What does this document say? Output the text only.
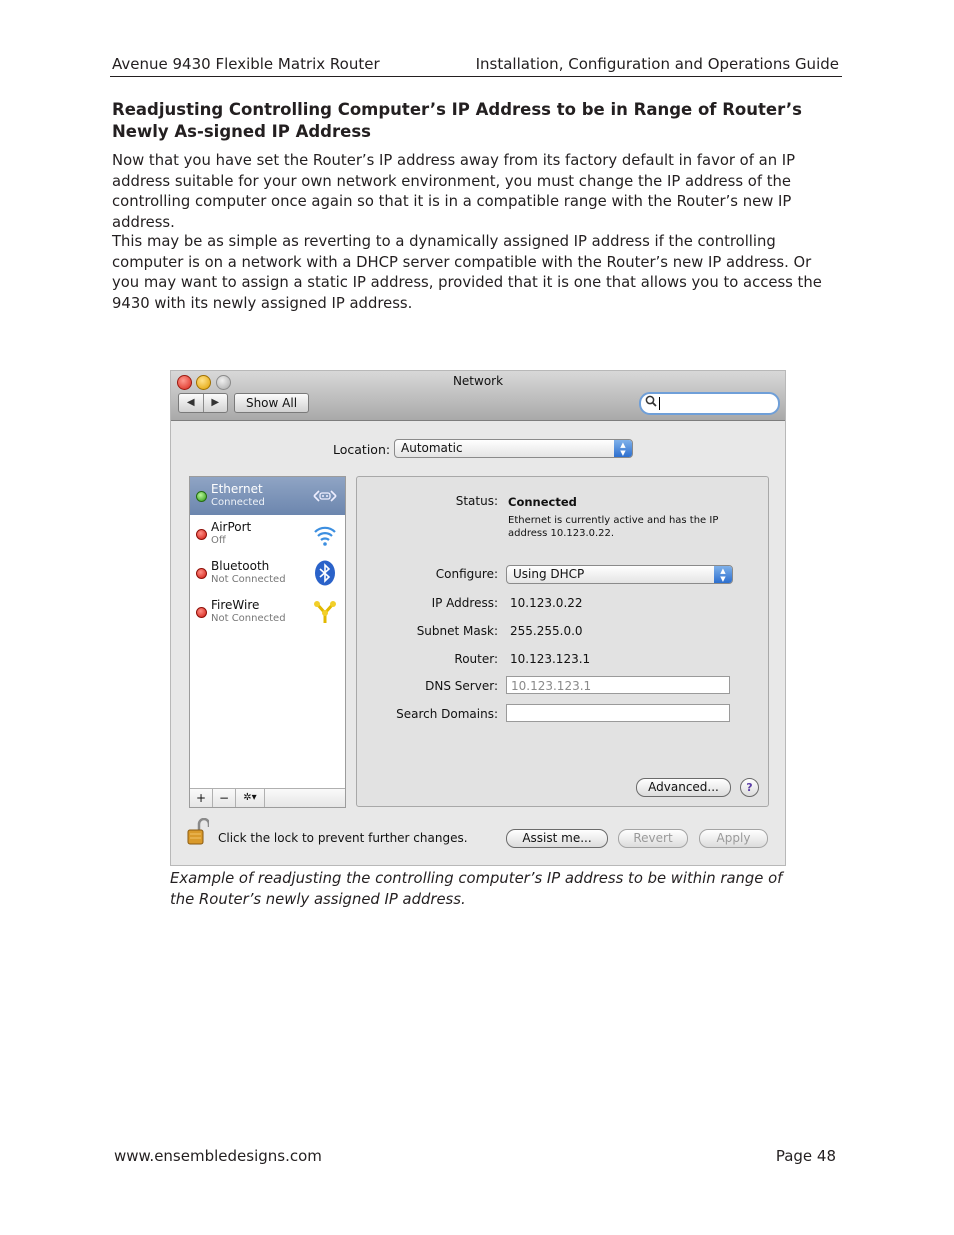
Avenue 9430 Flexible Matrix Router	Installation, Configuration and Operations Guide
Readjusting Controlling Computer’s IP Address to be in Range of Router’s Newly As-signed IP Address
Now that you have set the Router’s IP address away from its factory default in favor of an IP address suitable for your own network environment, you must change the IP address of the controlling computer once again so that it is in a compatible range with the Router’s new IP address.
This may be as simple as reverting to a dynamically assigned IP address if the controlling computer is on a network with a DHCP server compatible with the Router’s new IP address. Or you may want to assign a static IP address, provided that it is one that allows you to access the 9430 with its newly assigned IP address.
Network
◀	▶	Show All
Location: Automatic	▲
▼
Ethernet
Connected
AirPort
Off
Bluetooth
Not Connected
FireWire
Not Connected
+	−	✲▾
Status: Connected
Ethernet is currently active and has the IP address 10.123.0.22.
Configure: Using DHCP	▲
▼
IP Address: 10.123.0.22
Subnet Mask: 255.255.0.0
Router: 10.123.123.1
DNS Server:	10.123.123.1
Search Domains:
Advanced...	?
Click the lock to prevent further changes.	Assist me...	Revert	Apply
Example of readjusting the controlling computer’s IP address to be within range of the Router’s newly assigned IP address.
www.ensembledesigns.com	Page 48
